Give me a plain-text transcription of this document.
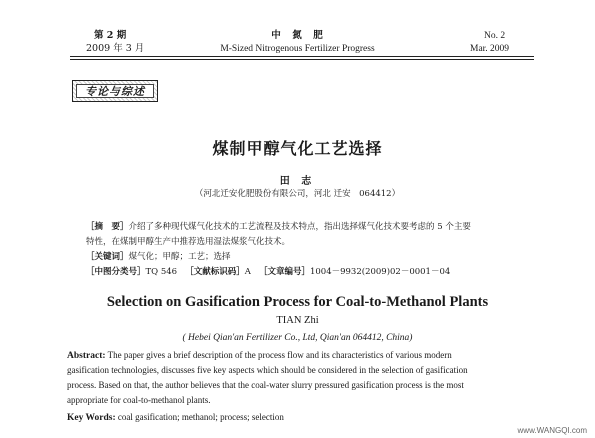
第 2 期
2009 年 3 月
中　氮　肥
M-Sized Nitrogenous Fertilizer Progress
No. 2
Mar. 2009
专论与综述
煤制甲醇气化工艺选择
田 志
（河北迁安化肥股份有限公司，河北 迁安　064412）
［摘　要］介绍了多种现代煤气化技术的工艺流程及技术特点，指出选择煤气化技术要考虑的 5 个主要
特性，在煤制甲醇生产中推荐选用湿法煤浆气化技术。
［关键词］煤气化；甲醇；工艺；选择
［中图分类号］TQ 546 ［文献标识码］A ［文章编号］1004－9932(2009)02－0001－04
Selection on Gasification Process for Coal-to-Methanol Plants
TIAN Zhi
( Hebei Qian'an Fertilizer Co., Ltd, Qian'an 064412, China)
Abstract: The paper gives a brief description of the process flow and its characteristics of various modern
gasification technologies, discusses five key aspects which should be considered in the selection of gasification
process. Based on that, the author believes that the coal-water slurry pressured gasification process is the most
appropriate for coal-to-methanol plants.
Key Words: coal gasification; methanol; process; selection
www.WANGQI.com
